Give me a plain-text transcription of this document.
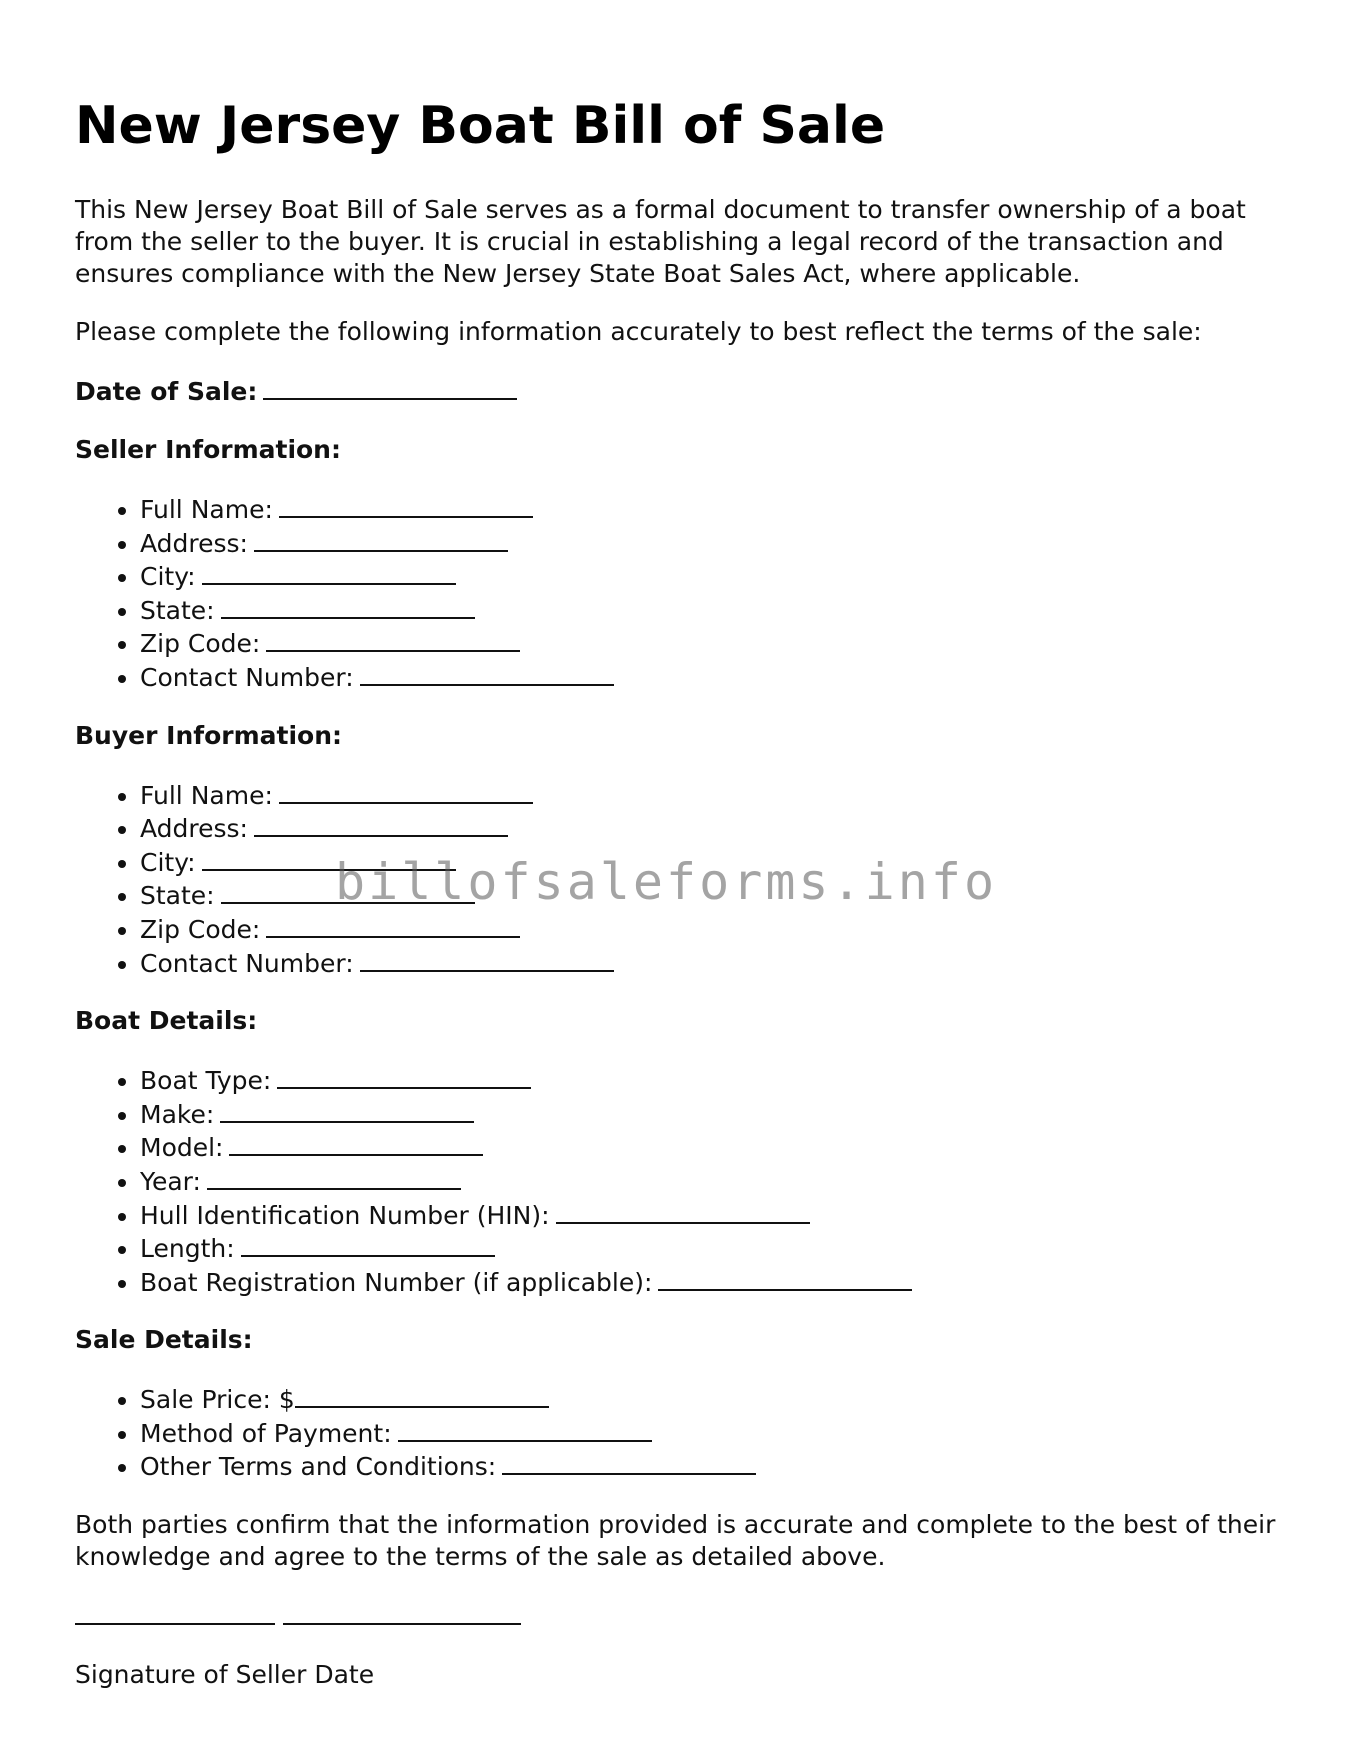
New Jersey Boat Bill of Sale

This New Jersey Boat Bill of Sale serves as a formal document to transfer ownership of a boat from the seller to the buyer. It is crucial in establishing a legal record of the transaction and ensures compliance with the New Jersey State Boat Sales Act, where applicable.

Please complete the following information accurately to best reflect the terms of the sale:

Date of Sale:
Seller Information:
• Full Name:
• Address:
• City:
• State:
• Zip Code:
• Contact Number:
Buyer Information:
• Full Name:
• Address:
• City:
• State:
• Zip Code:
• Contact Number:
Boat Details:
• Boat Type:
• Make:
• Model:
• Year:
• Hull Identification Number (HIN):
• Length:
• Boat Registration Number (if applicable):
Sale Details:
• Sale Price: $
• Method of Payment:
• Other Terms and Conditions:

Both parties confirm that the information provided is accurate and complete to the best of their knowledge and agree to the terms of the sale as detailed above.

Signature of Seller Date
billofsaleforms.info
